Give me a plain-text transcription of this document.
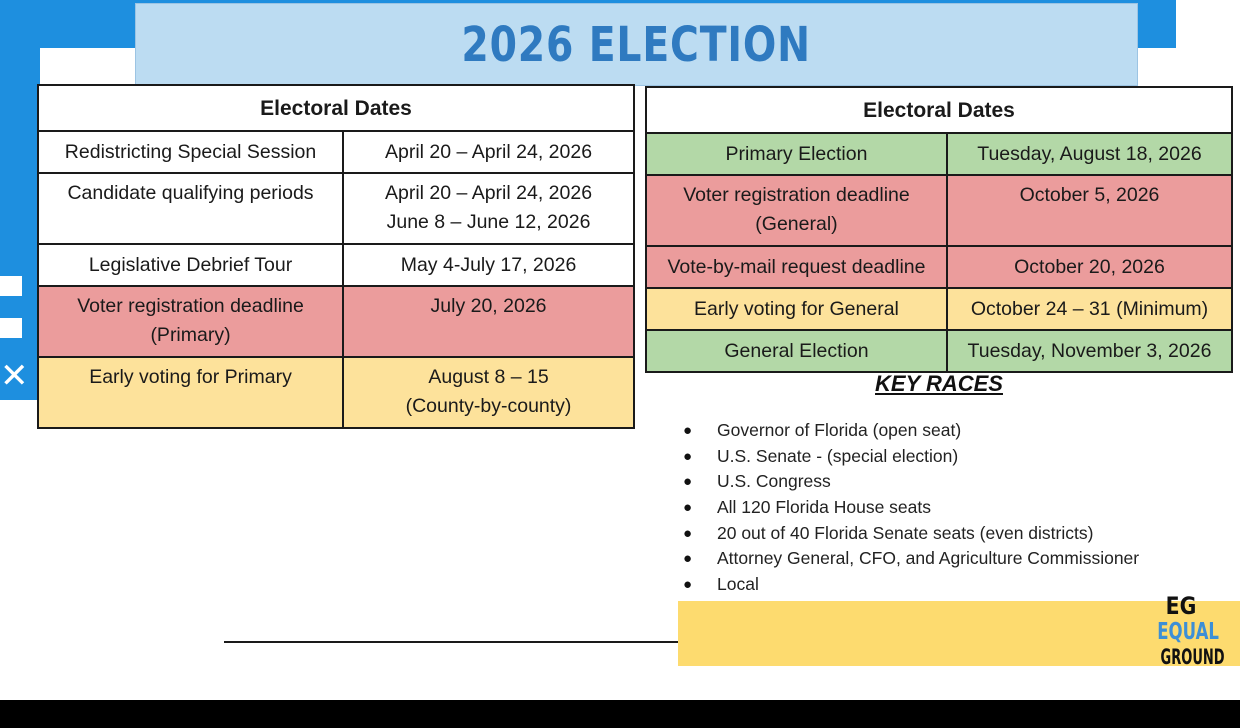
✕
2026 ELECTION
Electoral Dates	
Redistricting Special Session	April 20 – April 24, 2026
Candidate qualifying periods	April 20 – April 24, 2026
June 8 – June 12, 2026

Legislative Debrief Tour	May 4-July 17, 2026

Voter registration deadline
(Primary)	July 20, 2026
Early voting for Primary	August 8 – 15
(County-by-county)
Electoral Dates	
Primary Election	Tuesday, August 18, 2026

Voter registration deadline
(General)	October 5, 2026
Vote-by-mail request deadline	October 20, 2026
Early voting for General	October 24 – 31 (Minimum)
General Election	Tuesday, November 3, 2026
KEY RACES
● Governor of Florida (open seat)
● U.S. Senate - (special election)
● U.S. Congress
● All 120 Florida House seats
● 20 out of 40 Florida Senate seats (even districts)
● Attorney General, CFO, and Agriculture Commissioner
● Local
EG
EQUAL
GROUND
